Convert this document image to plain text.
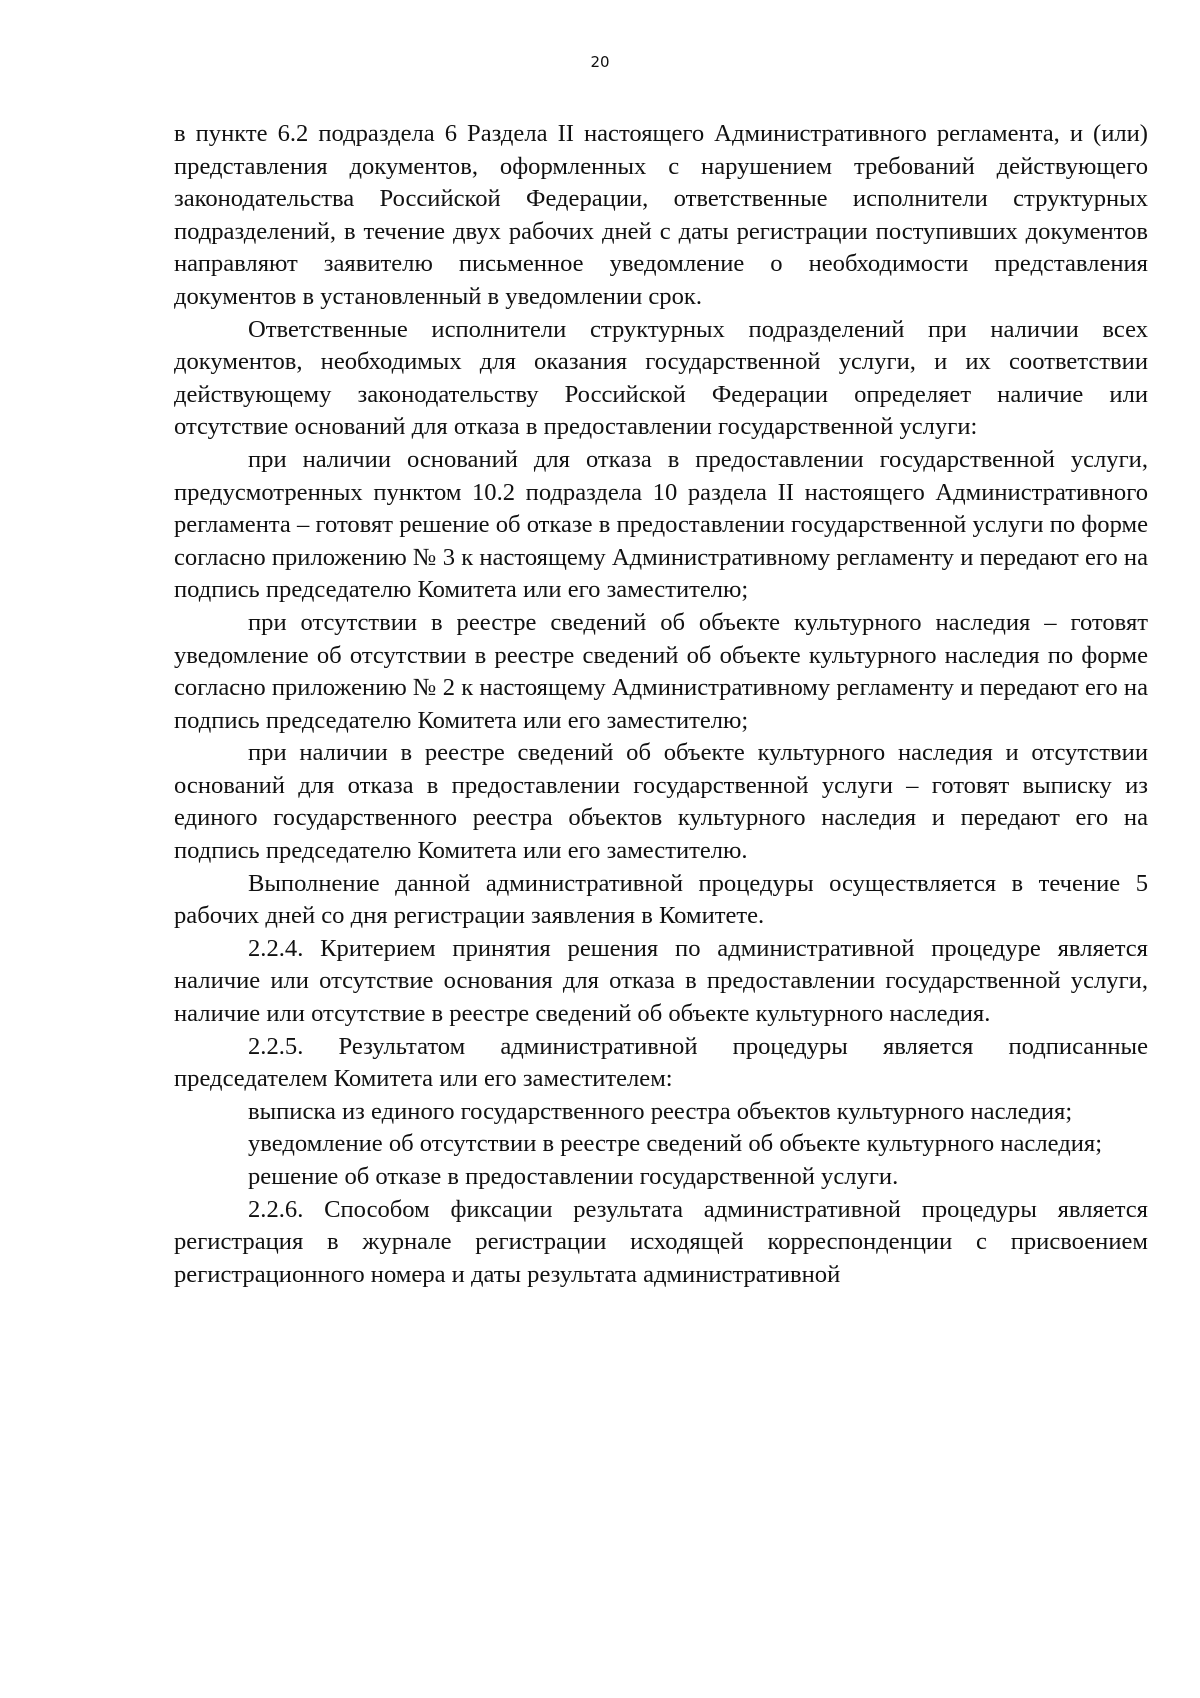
20

в пункте 6.2 подраздела 6 Раздела II настоящего Административного регламента, и (или) представления документов, оформленных с нарушением требований действующего законодательства Российской Федерации, ответственные исполнители структурных подразделений, в течение двух рабочих дней с даты регистрации поступивших документов направляют заявителю письменное уведомление о необходимости представления документов в установленный в уведомлении срок.

Ответственные исполнители структурных подразделений при наличии всех документов, необходимых для оказания государственной услуги, и их соответствии действующему законодательству Российской Федерации определяет наличие или отсутствие оснований для отказа в предоставлении государственной услуги:

при наличии оснований для отказа в предоставлении государственной услуги, предусмотренных пунктом 10.2 подраздела 10 раздела II настоящего Административного регламента – готовят решение об отказе в предоставлении государственной услуги по форме согласно приложению № 3 к настоящему Административному регламенту и передают его на подпись председателю Комитета или его заместителю;

при отсутствии в реестре сведений об объекте культурного наследия – готовят уведомление об отсутствии в реестре сведений об объекте культурного наследия по форме согласно приложению № 2 к настоящему Административному регламенту и передают его на подпись председателю Комитета или его заместителю;

при наличии в реестре сведений об объекте культурного наследия и отсутствии оснований для отказа в предоставлении государственной услуги – готовят выписку из единого государственного реестра объектов культурного наследия и передают его на подпись председателю Комитета или его заместителю.

Выполнение данной административной процедуры осуществляется в течение 5 рабочих дней со дня регистрации заявления в Комитете.

2.2.4. Критерием принятия решения по административной процедуре является наличие или отсутствие основания для отказа в предоставлении государственной услуги, наличие или отсутствие в реестре сведений об объекте культурного наследия.

2.2.5. Результатом административной процедуры является подписанные председателем Комитета или его заместителем:

выписка из единого государственного реестра объектов культурного наследия;

уведомление об отсутствии в реестре сведений об объекте культурного наследия;

решение об отказе в предоставлении государственной услуги.

2.2.6. Способом фиксации результата административной процедуры является регистрация в журнале регистрации исходящей корреспонденции с присвоением регистрационного номера и даты результата административной
